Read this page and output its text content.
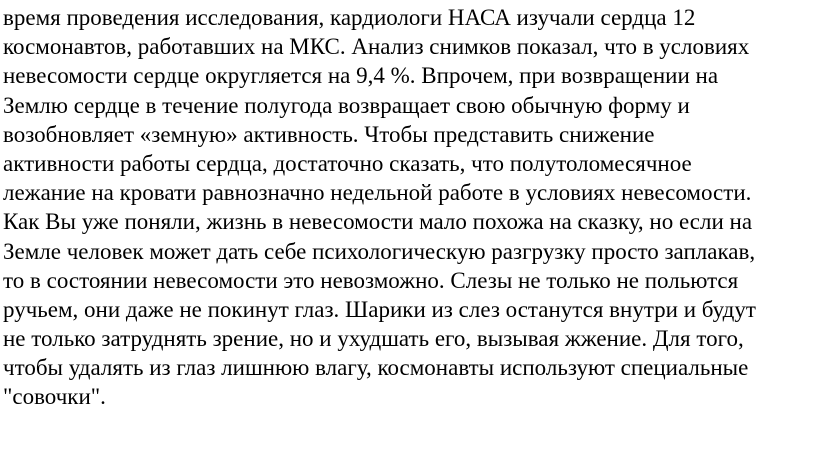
время проведения исследования, кардиологи НАСА изучали сердца 12
космонавтов, работавших на МКС. Анализ снимков показал, что в условиях
невесомости сердце округляется на 9,4 %. Впрочем, при возвращении на
Землю сердце в течение полугода возвращает свою обычную форму и
возобновляет «земную» активность. Чтобы представить снижение
активности работы сердца, достаточно сказать, что полутоломесячное
лежание на кровати равнозначно недельной работе в условиях невесомости.
Как Вы уже поняли, жизнь в невесомости мало похожа на сказку, но если на
Земле человек может дать себе психологическую разгрузку просто заплакав,
то в состоянии невесомости это невозможно. Слезы не только не польются
ручьем, они даже не покинут глаз. Шарики из слез останутся внутри и будут
не только затруднять зрение, но и ухудшать его, вызывая жжение. Для того,
чтобы удалять из глаз лишнюю влагу, космонавты используют специальные
"совочки".
